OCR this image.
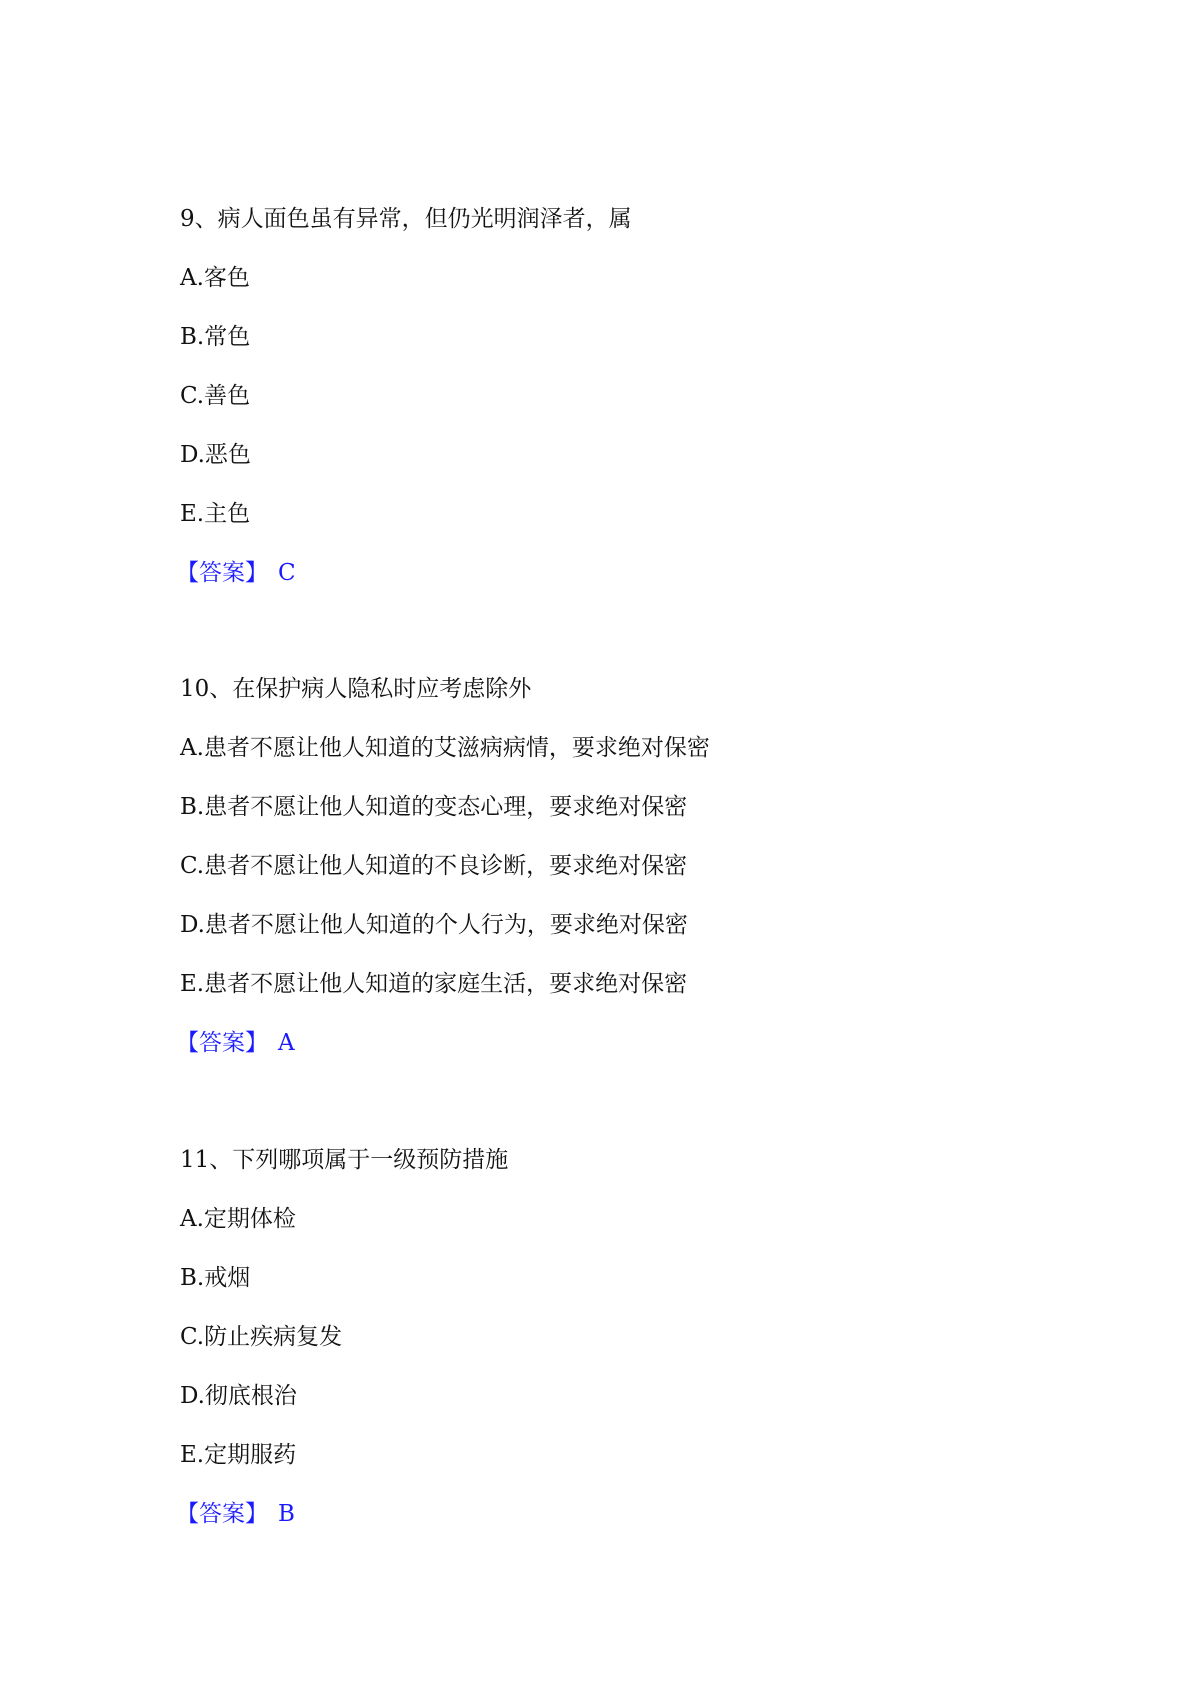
9、病人面色虽有异常，但仍光明润泽者，属
A.客色
B.常色
C.善色
D.恶色
E.主色
【答案】 C
10、在保护病人隐私时应考虑除外
A.患者不愿让他人知道的艾滋病病情，要求绝对保密
B.患者不愿让他人知道的变态心理，要求绝对保密
C.患者不愿让他人知道的不良诊断，要求绝对保密
D.患者不愿让他人知道的个人行为，要求绝对保密
E.患者不愿让他人知道的家庭生活，要求绝对保密
【答案】 A
11、下列哪项属于一级预防措施
A.定期体检
B.戒烟
C.防止疾病复发
D.彻底根治
E.定期服药
【答案】 B
